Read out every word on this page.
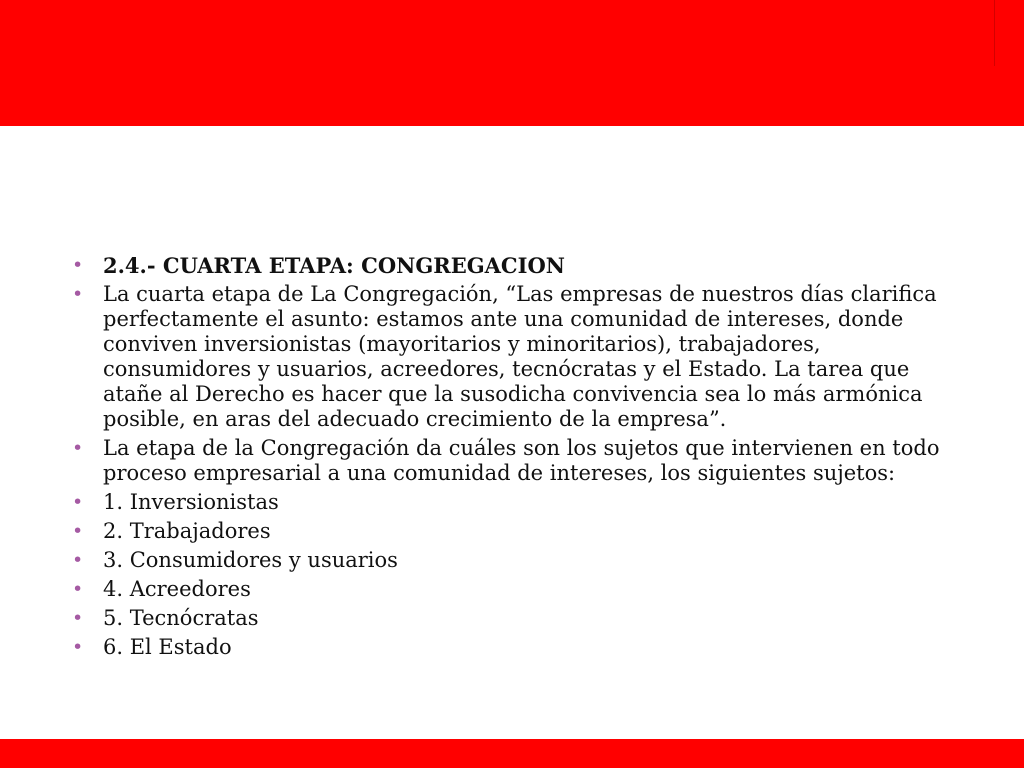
• 2.4.- CUARTA ETAPA: CONGREGACION
• La cuarta etapa de La Congregación, “Las empresas de nuestros días clarifica perfectamente el asunto: estamos ante una comunidad de intereses, donde conviven inversionistas (mayoritarios y minoritarios), trabajadores, consumidores y usuarios, acreedores, tecnócratas y el Estado. La tarea que atañe al Derecho es hacer que la susodicha convivencia sea lo más armónica posible, en aras del adecuado crecimiento de la empresa”.
• La etapa de la Congregación da cuáles son los sujetos que intervienen en todo proceso empresarial a una comunidad de intereses, los siguientes sujetos:
• 1. Inversionistas
• 2. Trabajadores
• 3. Consumidores y usuarios
• 4. Acreedores
• 5. Tecnócratas
• 6. El Estado
